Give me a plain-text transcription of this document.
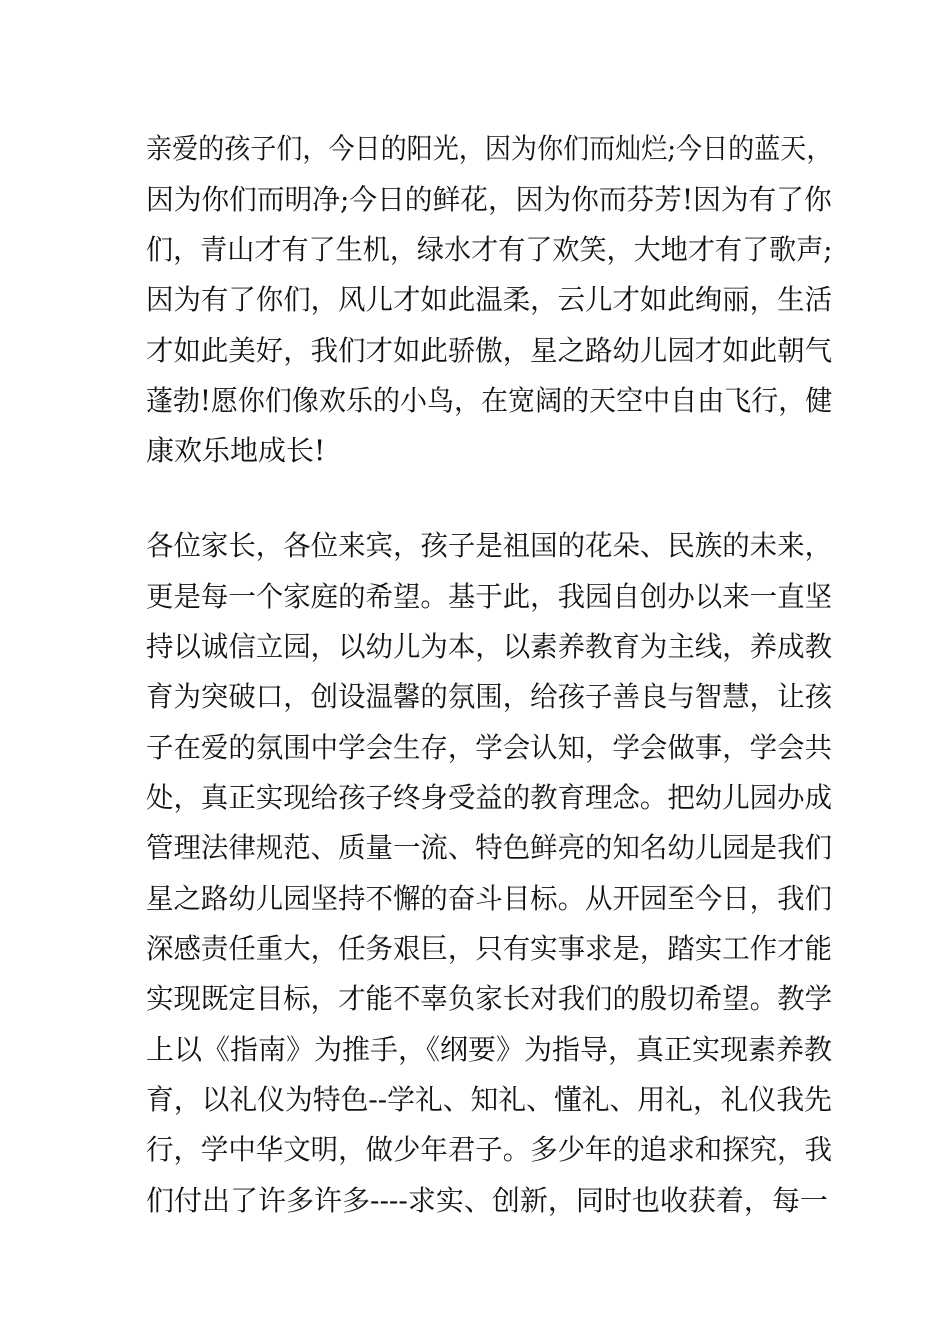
亲爱的孩子们，今日的阳光，因为你们而灿烂;今日的蓝天，

因为你们而明净;今日的鲜花，因为你而芬芳!因为有了你

们，青山才有了生机，绿水才有了欢笑，大地才有了歌声;

因为有了你们，风儿才如此温柔，云儿才如此绚丽，生活

才如此美好，我们才如此骄傲，星之路幼儿园才如此朝气

蓬勃!愿你们像欢乐的小鸟，在宽阔的天空中自由飞行，健

康欢乐地成长!

各位家长，各位来宾，孩子是祖国的花朵、民族的未来，

更是每一个家庭的希望。基于此，我园自创办以来一直坚

持以诚信立园，以幼儿为本，以素养教育为主线，养成教

育为突破口，创设温馨的氛围，给孩子善良与智慧，让孩

子在爱的氛围中学会生存，学会认知，学会做事，学会共

处，真正实现给孩子终身受益的教育理念。把幼儿园办成

管理法律规范、质量一流、特色鲜亮的知名幼儿园是我们

星之路幼儿园坚持不懈的奋斗目标。从开园至今日，我们

深感责任重大，任务艰巨，只有实事求是，踏实工作才能

实现既定目标，才能不辜负家长对我们的殷切希望。教学

上以《指南》为推手，《纲要》为指导，真正实现素养教

育，以礼仪为特色--学礼、知礼、懂礼、用礼，礼仪我先

行，学中华文明，做少年君子。多少年的追求和探究，我

们付出了许多许多----求实、创新，同时也收获着，每一
